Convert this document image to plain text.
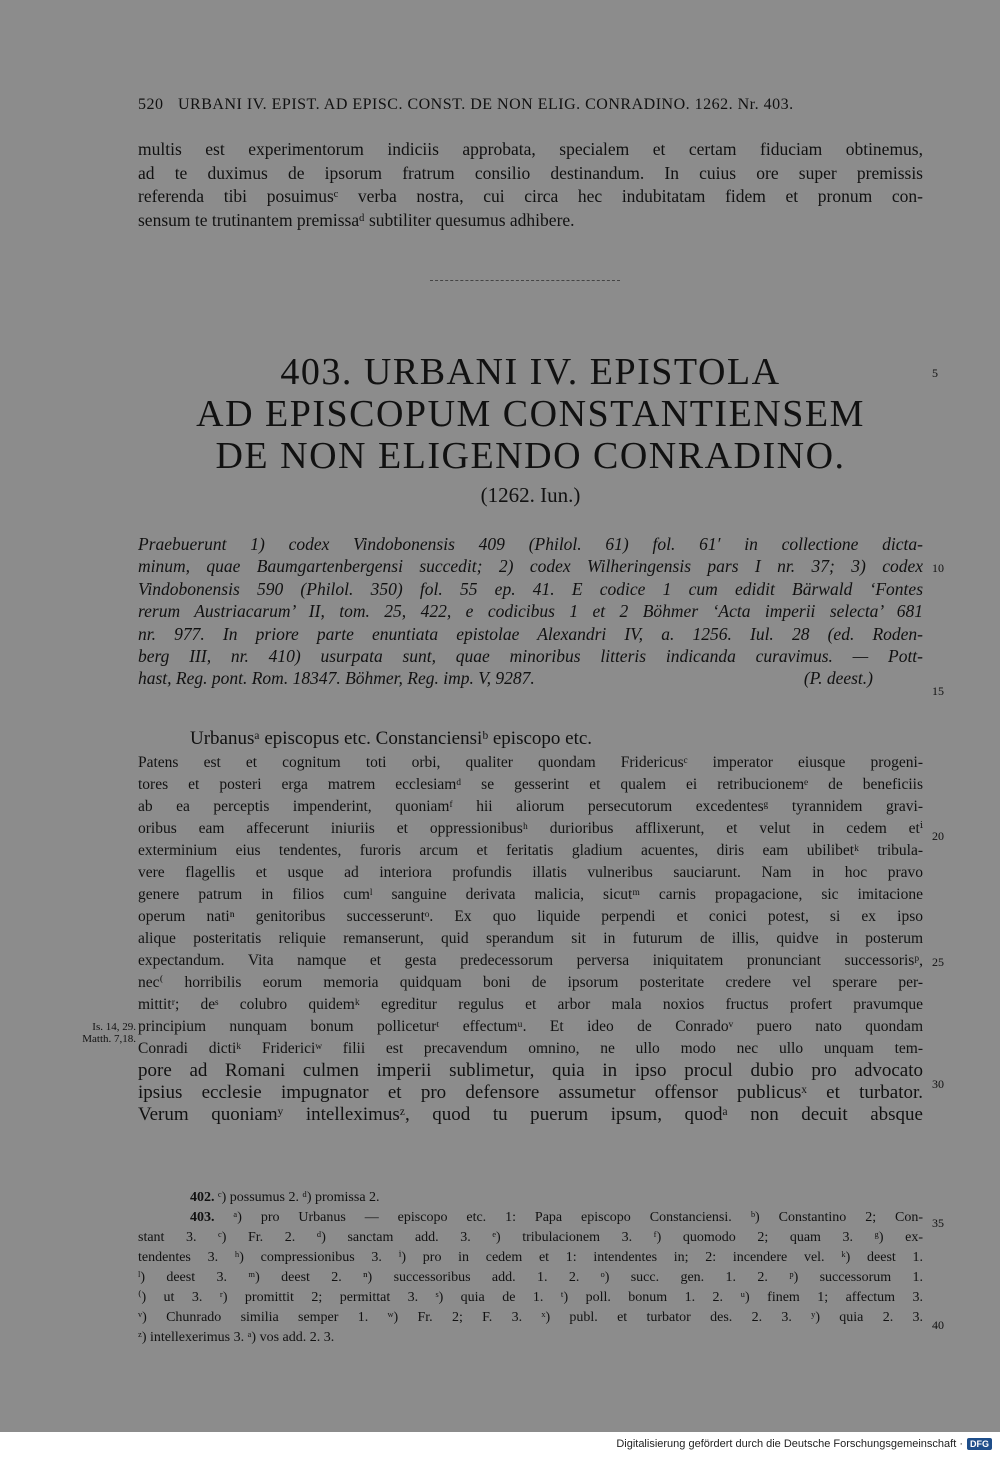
520 URBANI IV. EPIST. AD EPISC. CONST. DE NON ELIG. CONRADINO. 1262. Nr. 403.
multis est experimentorum indiciis approbata, specialem et certam fiduciam obtinemus,
ad te duximus de ipsorum fratrum consilio destinandum. In cuius ore super premissis
referenda tibi posuimusᶜ verba nostra, cui circa hec indubitatam fidem et pronum con-
sensum te trutinantem premissaᵈ subtiliter quesumus adhibere.
403. URBANI IV. EPISTOLA
AD EPISCOPUM CONSTANTIENSEM
DE NON ELIGENDO CONRADINO.
(1262. Iun.)
Praebuerunt 1) codex Vindobonensis 409 (Philol. 61) fol. 61′ in collectione dicta-
minum, quae Baumgartenbergensi succedit; 2) codex Wilheringensis pars I nr. 37; 3) codex
Vindobonensis 590 (Philol. 350) fol. 55 ep. 41. E codice 1 cum edidit Bärwald ‘Fontes
rerum Austriacarum’ II, tom. 25, 422, e codicibus 1 et 2 Böhmer ‘Acta imperii selecta’ 681
nr. 977. In priore parte enuntiata epistolae Alexandri IV, a. 1256. Iul. 28 (ed. Roden-
berg III, nr. 410) usurpata sunt, quae minoribus litteris indicanda curavimus. — Pott-
hast, Reg. pont. Rom. 18347. Böhmer, Reg. imp. V, 9287.	(P. deest.)
Urbanusᵃ episcopus etc. Constanciensiᵇ episcopo etc.
Patens est et cognitum toti orbi, qualiter quondam Fridericusᶜ imperator eiusque progeni-
tores et posteri erga matrem ecclesiamᵈ se gesserint et qualem ei retribucionemᵉ de beneficiis
ab ea perceptis impenderint, quoniamᶠ hii aliorum persecutorum excedentesᵍ tyrannidem gravi-
oribus eam affecerunt iniuriis et oppressionibusʰ durioribus afflixerunt, et velut in cedem etⁱ
exterminium eius tendentes, furoris arcum et feritatis gladium acuentes, diris eam ubilibetᵏ tribula-
vere flagellis et usque ad interiora profundis illatis vulneribus sauciarunt. Nam in hoc pravo
genere patrum in filios cumˡ sanguine derivata malicia, sicutᵐ carnis propagacione, sic imitacione
operum natiⁿ genitoribus successeruntᵒ. Ex quo liquide perpendi et conici potest, si ex ipso
alique posteritatis reliquie remanserunt, quid sperandum sit in futurum de illis, quidve in posterum
expectandum. Vita namque et gesta predecessorum perversa iniquitatem pronunciant successorisᵖ,
nec⁽ horribilis eorum memoria quidquam boni de ipsorum posteritate credere vel sperare per-
mittitʳ; deˢ colubro quidemᵏ egreditur regulus et arbor mala noxios fructus profert pravumque
principium nunquam bonum polliceturᵗ effectumᵘ. Et ideo de Conradoᵛ puero nato quondam
Conradi dictiᵏ Fridericiʷ filii est precavendum omnino, ne ullo modo nec ullo unquam tem-
pore ad Romani culmen imperii sublimetur, quia in ipso procul dubio pro advocato
ipsius ecclesie impugnator et pro defensore assumetur offensor publicusˣ et turbator.
Verum quoniamʸ intelleximusᶻ, quod tu puerum ipsum, quodᵃ non decuit absque
Is. 14, 29.
Matth. 7,18.
5
10
15
20
25
30
35
40
402. ᶜ) possumus 2. ᵈ) promissa 2.
403. ᵃ) pro Urbanus — episcopo etc. 1: Papa episcopo Constanciensi. ᵇ) Constantino 2; Con-
stant 3. ᶜ) Fr. 2. ᵈ) sanctam add. 3. ᵉ) tribulacionem 3. ᶠ) quomodo 2; quam 3. ᵍ) ex-
tendentes 3. ʰ) compressionibus 3. ⁱ) pro in cedem et 1: intendentes in; 2: incendere vel. ᵏ) deest 1.
ˡ) deest 3. ᵐ) deest 2. ⁿ) successoribus add. 1. 2. ᵒ) succ. gen. 1. 2. ᵖ) successorum 1.
⁽) ut 3. ʳ) promittit 2; permittat 3. ˢ) quia de 1. ᵗ) poll. bonum 1. 2. ᵘ) finem 1; affectum 3.
ᵛ) Chunrado similia semper 1. ʷ) Fr. 2; F. 3. ˣ) publ. et turbator des. 2. 3. ʸ) quia 2. 3.
ᶻ) intellexerimus 3. ᵃ) vos add. 2. 3.
Digitalisierung gefördert durch die Deutsche Forschungsgemeinschaft · DFG
